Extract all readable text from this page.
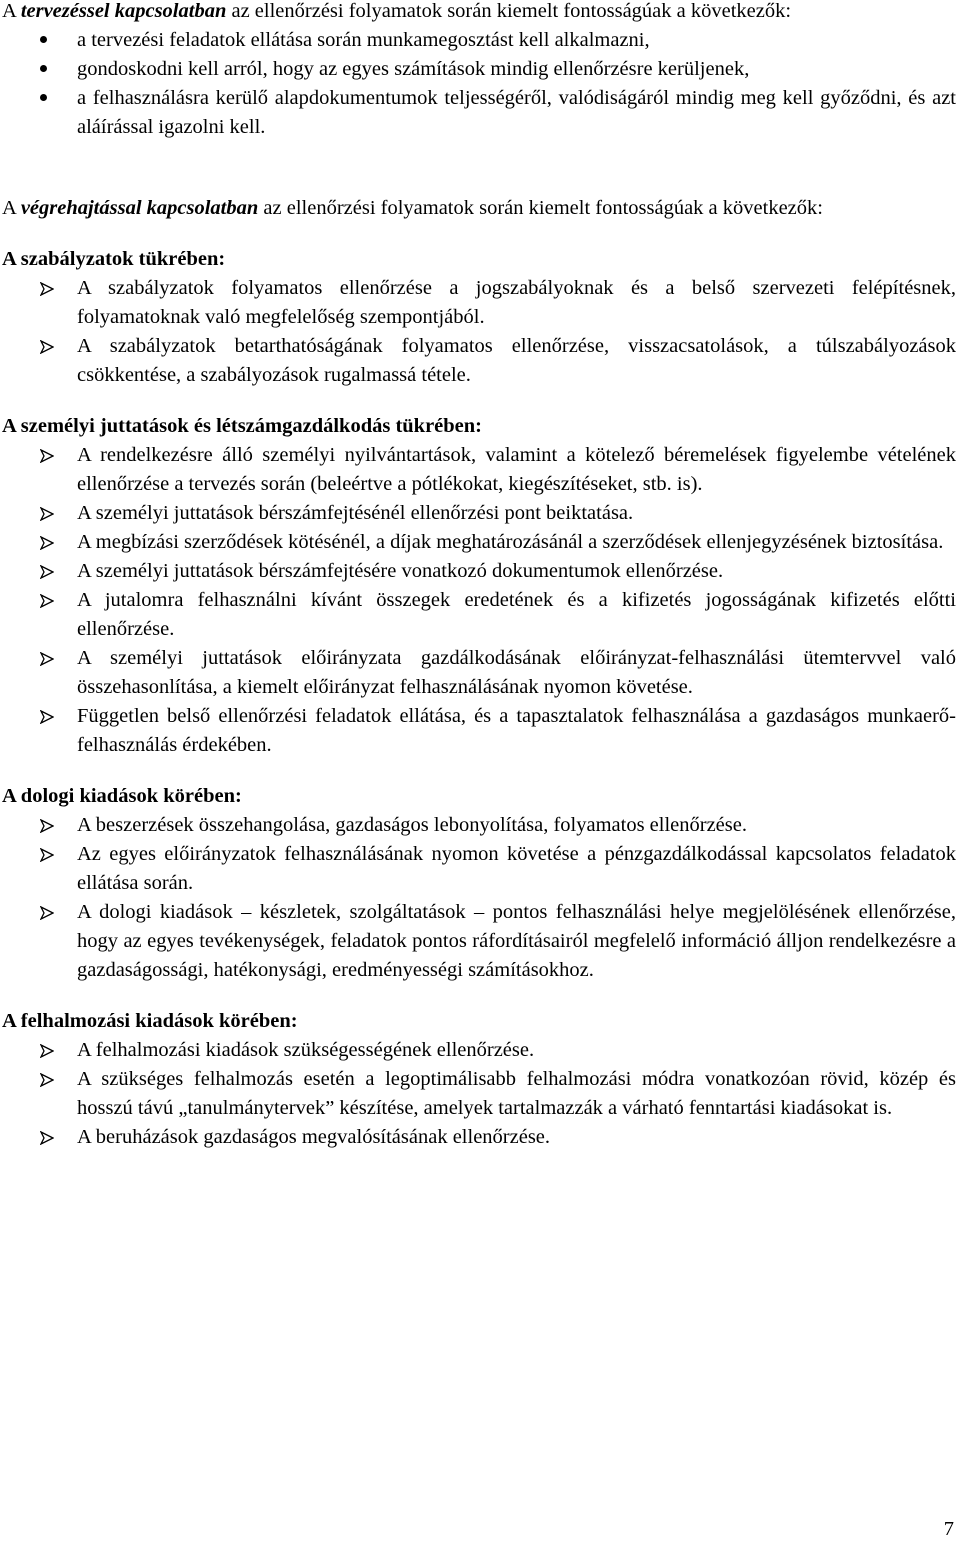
A tervezéssel kapcsolatban az ellenőrzési folyamatok során kiemelt fontosságúak a következők:

a tervezési feladatok ellátása során munkamegosztást kell alkalmazni,
gondoskodni kell arról, hogy az egyes számítások mindig ellenőrzésre kerüljenek,
a felhasználásra kerülő alapdokumentumok teljességéről, valódiságáról mindig meg kell győződni, és azt aláírással igazolni kell.

A végrehajtással kapcsolatban az ellenőrzési folyamatok során kiemelt fontosságúak a következők:

A szabályzatok tükrében:

A szabályzatok folyamatos ellenőrzése a jogszabályoknak és a belső szervezeti felépítésnek, folyamatoknak való megfelelőség szempontjából.
A szabályzatok betarthatóságának folyamatos ellenőrzése, visszacsatolások, a túlszabályozások csökkentése, a szabályozások rugalmassá tétele.

A személyi juttatások és létszámgazdálkodás tükrében:

A rendelkezésre álló személyi nyilvántartások, valamint a kötelező béremelések figyelembe vételének ellenőrzése a tervezés során (beleértve a pótlékokat, kiegészítéseket, stb. is).
A személyi juttatások bérszámfejtésénél ellenőrzési pont beiktatása.
A megbízási szerződések kötésénél, a díjak meghatározásánál a szerződések ellenjegyzésének biztosítása.
A személyi juttatások bérszámfejtésére vonatkozó dokumentumok ellenőrzése.
A jutalomra felhasználni kívánt összegek eredetének és a kifizetés jogosságának kifizetés előtti ellenőrzése.
A személyi juttatások előirányzata gazdálkodásának előirányzat-felhasználási ütemtervvel való összehasonlítása, a kiemelt előirányzat felhasználásának nyomon követése.
Független belső ellenőrzési feladatok ellátása, és a tapasztalatok felhasználása a gazdaságos munkaerő-felhasználás érdekében.

A dologi kiadások körében:

A beszerzések összehangolása, gazdaságos lebonyolítása, folyamatos ellenőrzése.
Az egyes előirányzatok felhasználásának nyomon követése a pénzgazdálkodással kapcsolatos feladatok ellátása során.
A dologi kiadások – készletek, szolgáltatások – pontos felhasználási helye megjelölésének ellenőrzése, hogy az egyes tevékenységek, feladatok pontos ráfordításairól megfelelő információ álljon rendelkezésre a gazdaságossági, hatékonysági, eredményességi számításokhoz.

A felhalmozási kiadások körében:

A felhalmozási kiadások szükségességének ellenőrzése.
A szükséges felhalmozás esetén a legoptimálisabb felhalmozási módra vonatkozóan rövid, közép és hosszú távú „tanulmánytervek” készítése, amelyek tartalmazzák a várható fenntartási kiadásokat is.
A beruházások gazdaságos megvalósításának ellenőrzése.
7
